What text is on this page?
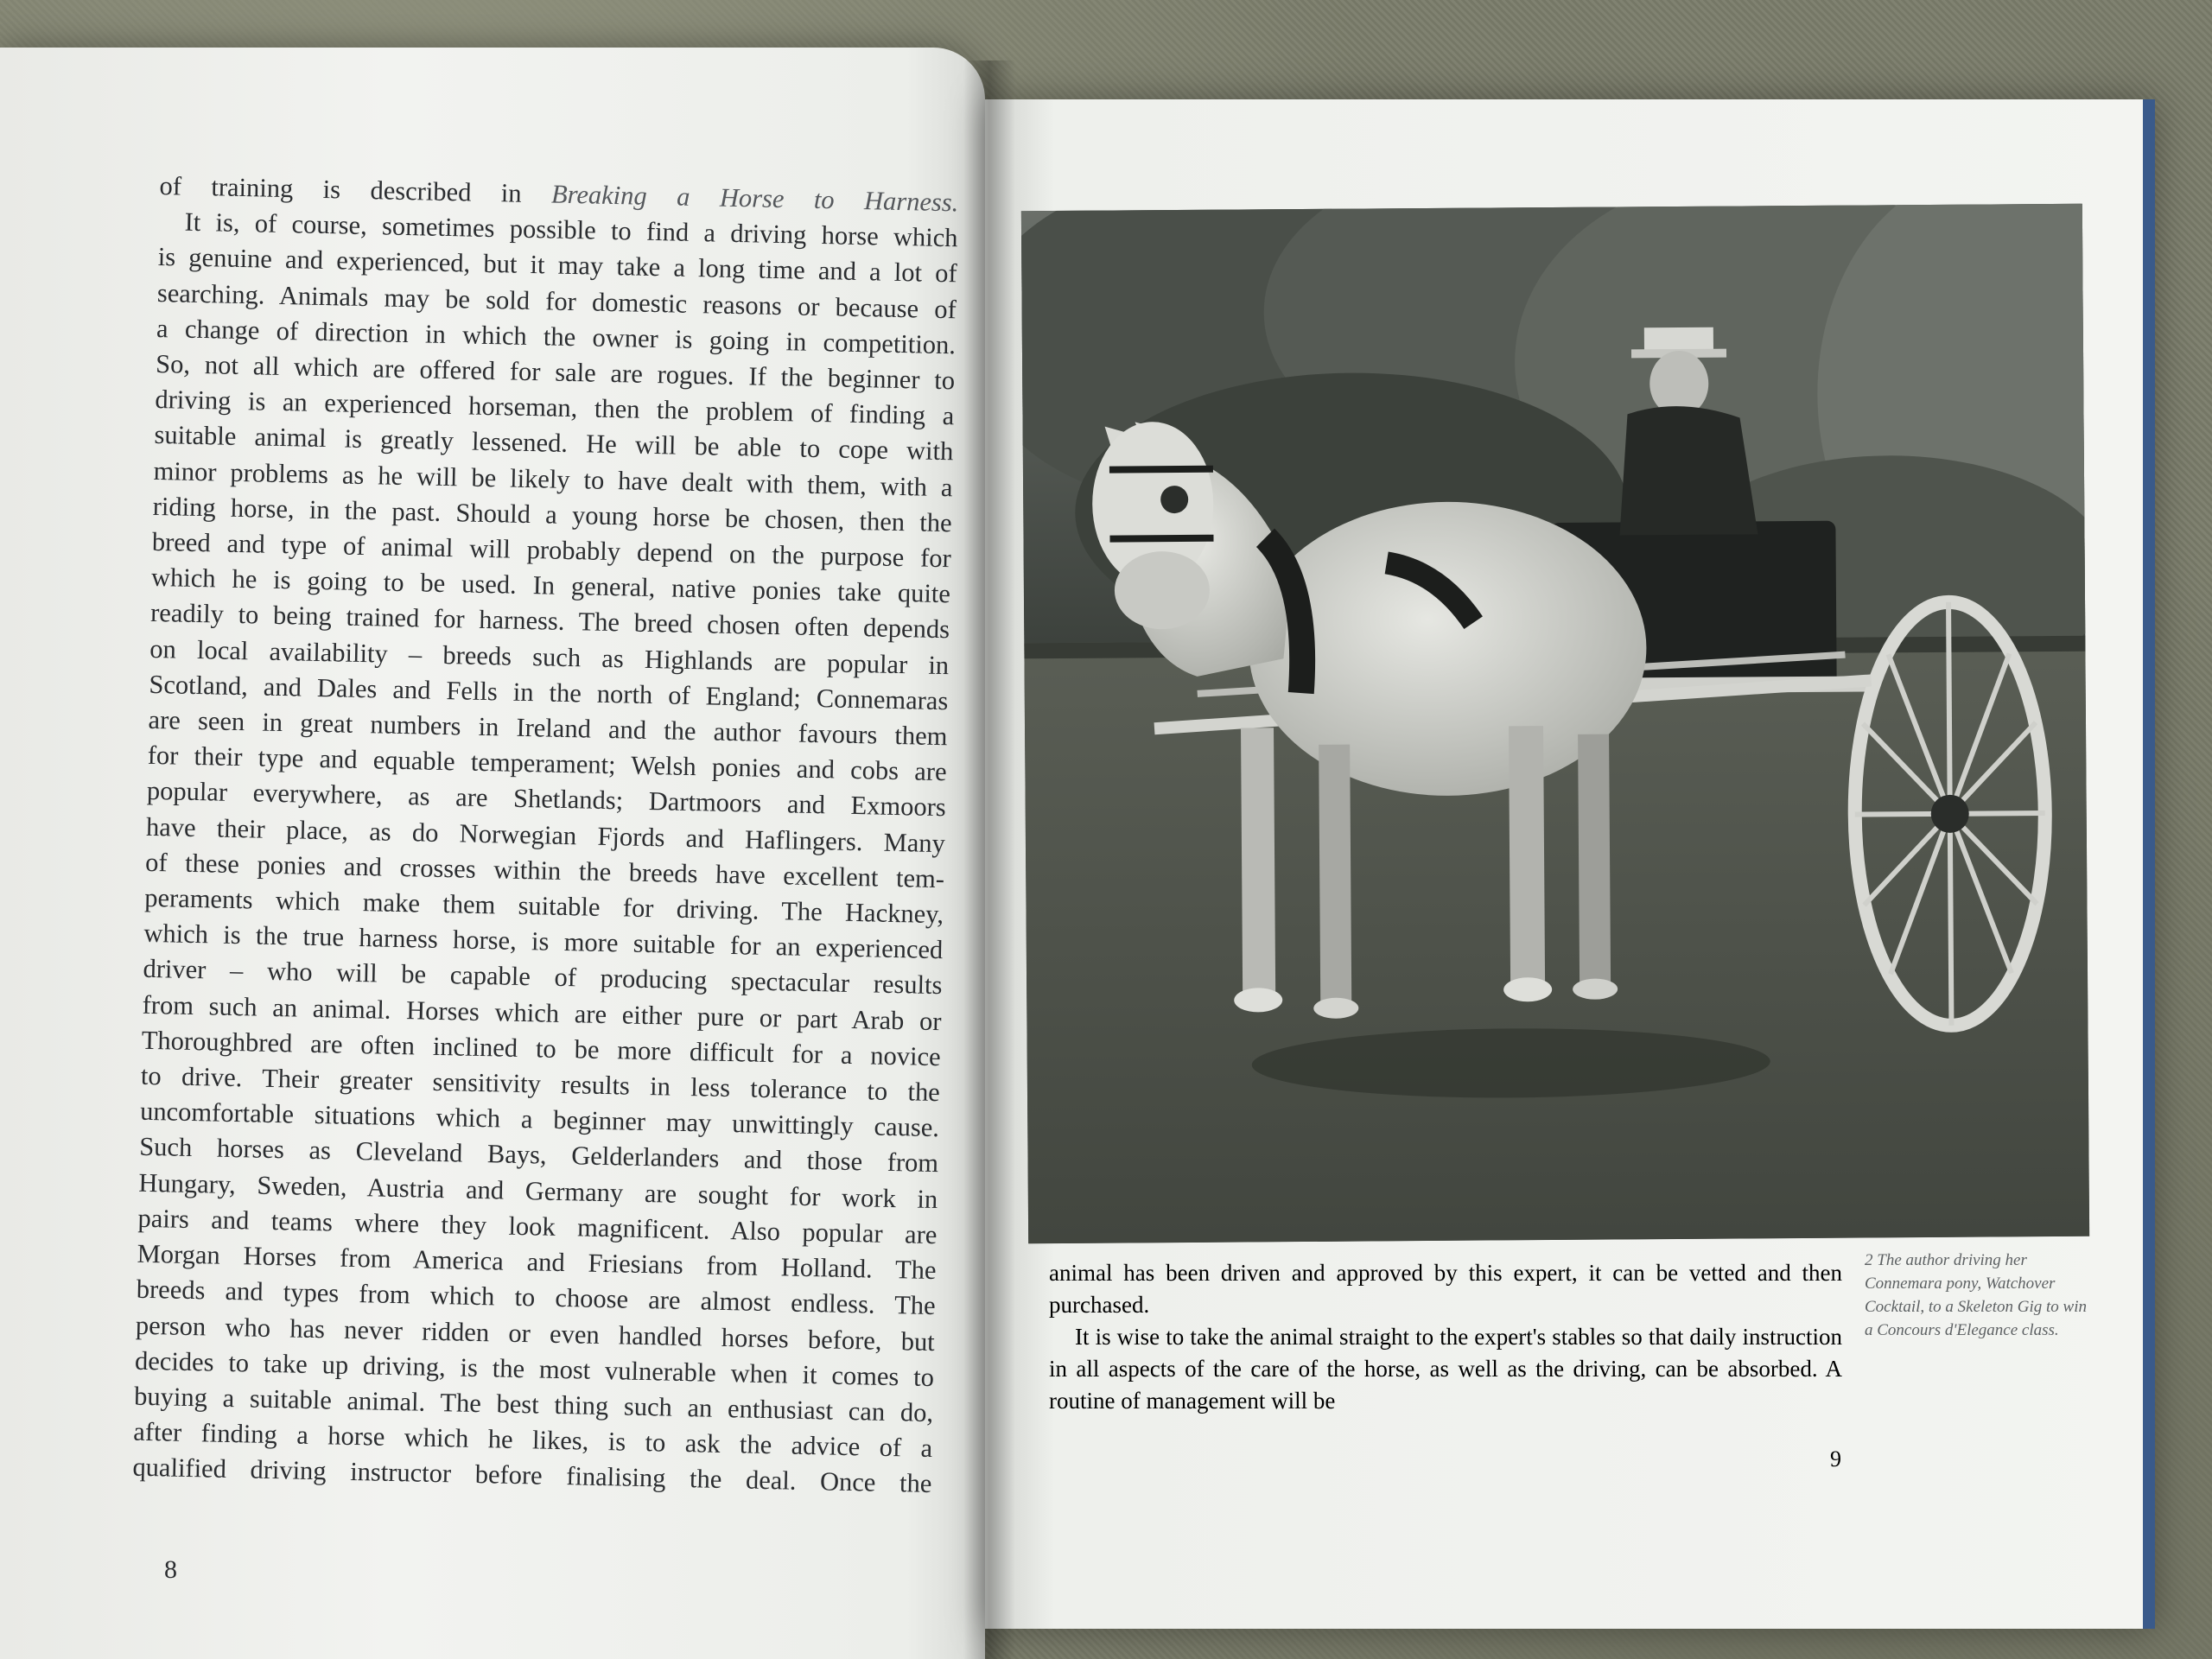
of training is described in Breaking a Horse to Harness.
It is, of course, sometimes possible to find a driving horse which
is genuine and experienced, but it may take a long time and a lot of
searching. Animals may be sold for domestic reasons or because of
a change of direction in which the owner is going in competition.
So, not all which are offered for sale are rogues. If the beginner to
driving is an experienced horseman, then the problem of finding a
suitable animal is greatly lessened. He will be able to cope with
minor problems as he will be likely to have dealt with them, with a
riding horse, in the past. Should a young horse be chosen, then the
breed and type of animal will probably depend on the purpose for
which he is going to be used. In general, native ponies take quite
readily to being trained for harness. The breed chosen often depends
on local availability – breeds such as Highlands are popular in
Scotland, and Dales and Fells in the north of England; Connemaras
are seen in great numbers in Ireland and the author favours them
for their type and equable temperament; Welsh ponies and cobs are
popular everywhere, as are Shetlands; Dartmoors and Exmoors
have their place, as do Norwegian Fjords and Haflingers. Many
of these ponies and crosses within the breeds have excellent tem-
peraments which make them suitable for driving. The Hackney,
which is the true harness horse, is more suitable for an experienced
driver – who will be capable of producing spectacular results
from such an animal. Horses which are either pure or part Arab or
Thoroughbred are often inclined to be more difficult for a novice
to drive. Their greater sensitivity results in less tolerance to the
uncomfortable situations which a beginner may unwittingly cause.
Such horses as Cleveland Bays, Gelderlanders and those from
Hungary, Sweden, Austria and Germany are sought for work in
pairs and teams where they look magnificent. Also popular are
Morgan Horses from America and Friesians from Holland. The
breeds and types from which to choose are almost endless. The
person who has never ridden or even handled horses before, but
decides to take up driving, is the most vulnerable when it comes to
buying a suitable animal. The best thing such an enthusiast can do,
after finding a horse which he likes, is to ask the advice of a
qualified driving instructor before finalising the deal. Once the
8

animal has been driven and approved by this expert, it can be vetted and then purchased.

It is wise to take the animal straight to the expert's stables so that daily instruction in all aspects of the care of the horse, as well as the driving, can be absorbed. A routine of management will be

2 The author driving her Connemara pony, Watchover Cocktail, to a Skeleton Gig to win a Concours d'Elegance class.
9
